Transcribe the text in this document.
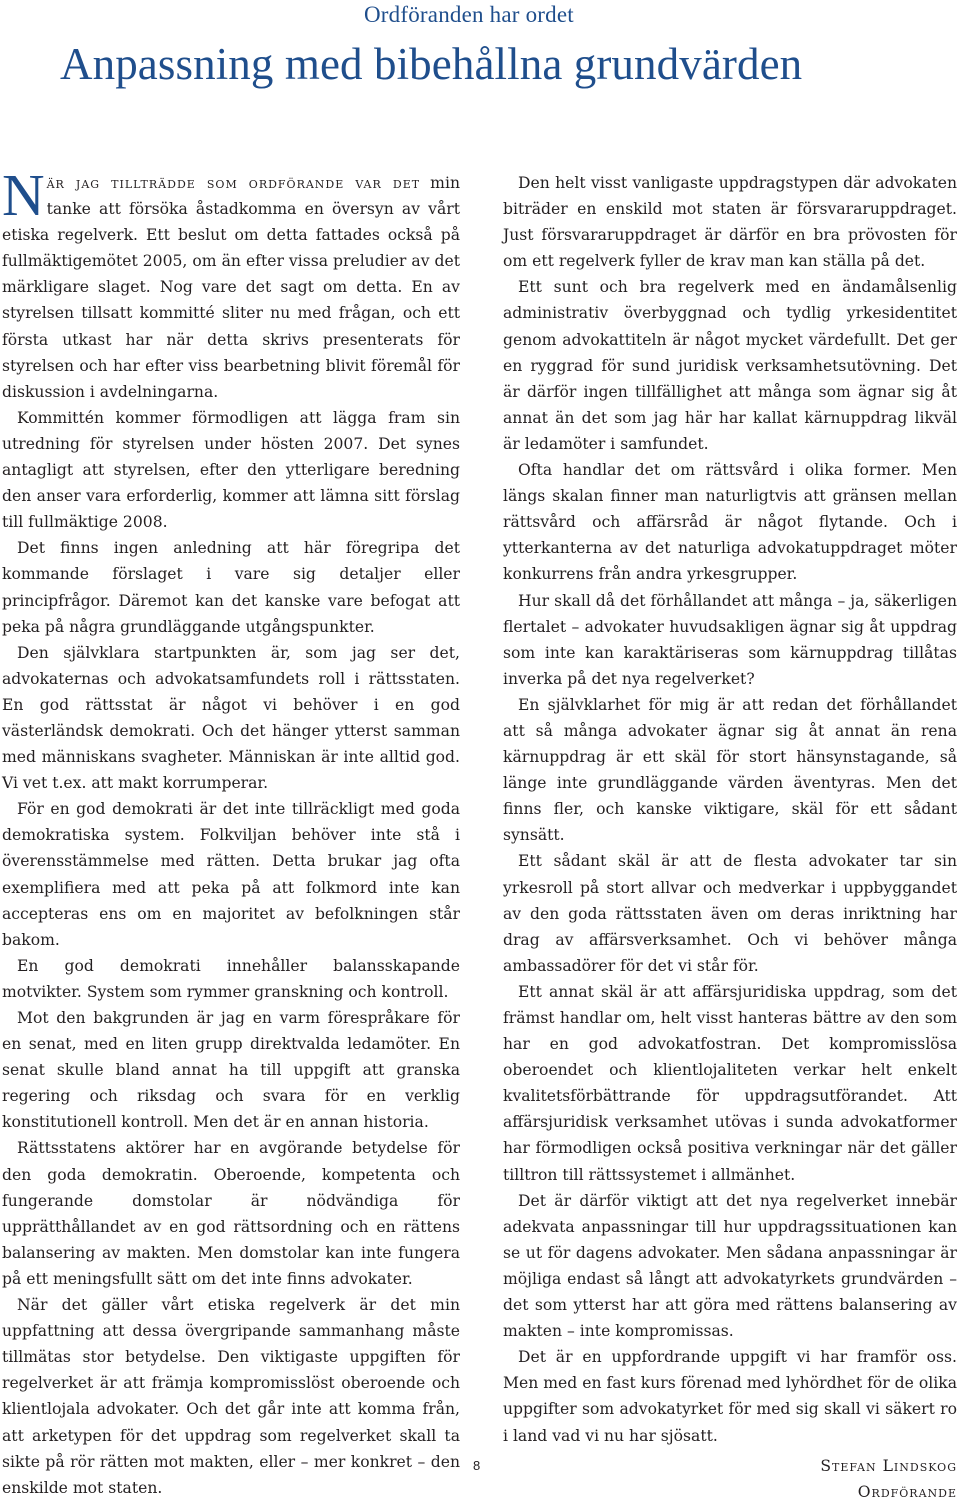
Ordföranden har ordet
Anpassning med bibehållna grundvärden

När jag tillträdde som ordförande var det min tanke att försöka åstadkomma en översyn av vårt etiska regelverk. Ett beslut om detta fattades också på fullmäktigemötet 2005, om än efter vissa preludier av det märkligare slaget. Nog vare det sagt om detta. En av styrelsen tillsatt kommitté sliter nu med frågan, och ett första utkast har när detta skrivs presenterats för styrelsen och har efter viss bearbetning blivit föremål för diskussion i avdelningarna.

Kommittén kommer förmodligen att lägga fram sin utredning för styrelsen under hösten 2007. Det synes antagligt att styrelsen, efter den ytterligare beredning den anser vara erforderlig, kommer att lämna sitt förslag till fullmäktige 2008.

Det finns ingen anledning att här föregripa det kommande förslaget i vare sig detaljer eller principfrågor. Däremot kan det kanske vare befogat att peka på några grundläggande utgångspunkter.

Den självklara startpunkten är, som jag ser det, advokaternas och advokatsamfundets roll i rättsstaten. En god rättsstat är något vi behöver i en god västerländsk demokrati. Och det hänger ytterst samman med människans svagheter. Människan är inte alltid god. Vi vet t.ex. att makt korrumperar.

För en god demokrati är det inte tillräckligt med goda demokratiska system. Folkviljan behöver inte stå i överensstämmelse med rätten. Detta brukar jag ofta exemplifiera med att peka på att folkmord inte kan accepteras ens om en majoritet av befolkningen står bakom.

En god demokrati innehåller balansskapande motvikter. System som rymmer granskning och kontroll.

Mot den bakgrunden är jag en varm förespråkare för en senat, med en liten grupp direktvalda ledamöter. En senat skulle bland annat ha till uppgift att granska regering och riksdag och svara för en verklig konstitutionell kontroll. Men det är en annan historia.

Rättsstatens aktörer har en avgörande betydelse för den goda demokratin. Oberoende, kompetenta och fungerande domstolar är nödvändiga för upprätthållandet av en god rättsordning och en rättens balansering av makten. Men domstolar kan inte fungera på ett meningsfullt sätt om det inte finns advokater.

När det gäller vårt etiska regelverk är det min uppfattning att dessa övergripande sammanhang måste tillmätas stor betydelse. Den viktigaste uppgiften för regelverket är att främja kompromisslöst oberoende och klientlojala advokater. Och det går inte att komma från, att arketypen för det uppdrag som regelverket skall ta sikte på rör rätten mot makten, eller – mer konkret – den enskilde mot staten.

Den helt visst vanligaste uppdragstypen där advokaten biträder en enskild mot staten är försvararuppdraget. Just försvararuppdraget är därför en bra prövosten för om ett regelverk fyller de krav man kan ställa på det.

Ett sunt och bra regelverk med en ändamålsenlig administrativ överbyggnad och tydlig yrkesidentitet genom advokattiteln är något mycket värdefullt. Det ger en ryggrad för sund juridisk verksamhetsutövning. Det är därför ingen tillfällighet att många som ägnar sig åt annat än det som jag här har kallat kärnuppdrag likväl är ledamöter i samfundet.

Ofta handlar det om rättsvård i olika former. Men längs skalan finner man naturligtvis att gränsen mellan rättsvård och affärsråd är något flytande. Och i ytterkanterna av det naturliga advokatuppdraget möter konkurrens från andra yrkesgrupper.

Hur skall då det förhållandet att många – ja, säkerligen flertalet – advokater huvudsakligen ägnar sig åt uppdrag som inte kan karaktäriseras som kärnuppdrag tillåtas inverka på det nya regelverket?

En självklarhet för mig är att redan det förhållandet att så många advokater ägnar sig åt annat än rena kärnuppdrag är ett skäl för stort hänsynstagande, så länge inte grundläggande värden äventyras. Men det finns fler, och kanske viktigare, skäl för ett sådant synsätt.

Ett sådant skäl är att de flesta advokater tar sin yrkesroll på stort allvar och medverkar i uppbyggandet av den goda rättsstaten även om deras inriktning har drag av affärsverksamhet. Och vi behöver många ambassadörer för det vi står för.

Ett annat skäl är att affärsjuridiska uppdrag, som det främst handlar om, helt visst hanteras bättre av den som har en god advokatfostran. Det kompromisslösa oberoendet och klientlojaliteten verkar helt enkelt kvalitetsförbättrande för uppdragsutförandet. Att affärsjuridisk verksamhet utövas i sunda advokatformer har förmodligen också positiva verkningar när det gäller tilltron till rättssystemet i allmänhet.

Det är därför viktigt att det nya regelverket innebär adekvata anpassningar till hur uppdragssituationen kan se ut för dagens advokater. Men sådana anpassningar är möjliga endast så långt att advokatyrkets grundvärden – det som ytterst har att göra med rättens balansering av makten – inte kompromissas.

Det är en uppfordrande uppgift vi har framför oss. Men med en fast kurs förenad med lyhördhet för de olika uppgifter som advokatyrket för med sig skall vi säkert ro i land vad vi nu har sjösatt.

Stefan Lindskog

Ordförande

8
